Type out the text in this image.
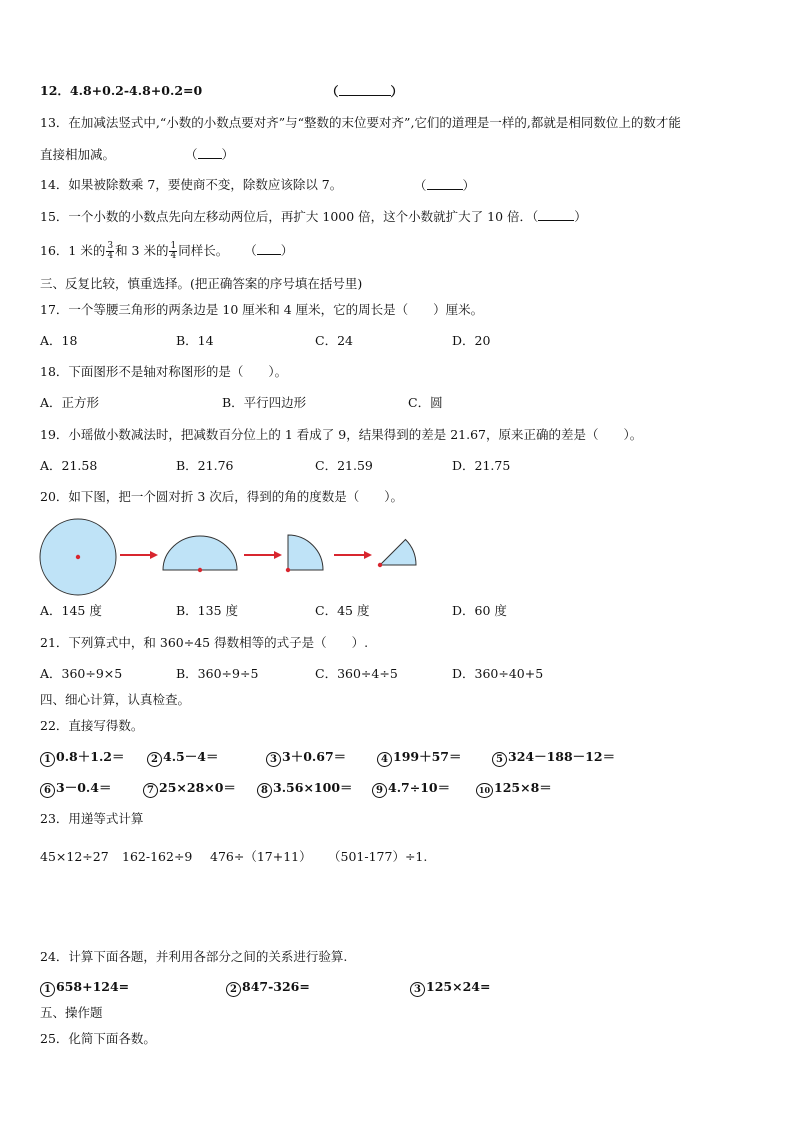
12．4.8+0.2-4.8+0.2=0	（	）
13．在加减法竖式中,“小数的小数点要对齐”与“整数的末位要对齐”,它们的道理是一样的,都就是相同数位上的数才能
直接相加减。	（ ）
14．如果被除数乘 7，要使商不变，除数应该除以 7。	（	）
15．一个小数的小数点先向左移动两位后，再扩大 1000 倍，这个小数就扩大了 10 倍．（	）
16．1 米的 $\frac{3}{4}$ 和 3 米的 $\frac{1}{4}$ 同样长。 （ ）
三、反复比较，慎重选择。(把正确答案的序号填在括号里)
17．一个等腰三角形的两条边是 10 厘米和 4 厘米，它的周长是（　　）厘米。
A．18	B．14	C．24	D．20
18．下面图形不是轴对称图形的是（　　）。
A．正方形	B．平行四边形	C．圆
19．小瑶做小数减法时，把减数百分位上的 1 看成了 9，结果得到的差是 21.67，原来正确的差是（　　）。
A．21.58	B．21.76	C．21.59	D．21.75
20．如下图，把一个圆对折 3 次后，得到的角的度数是（　　）。
A．145 度	B．135 度	C．45 度	D．60 度
21．下列算式中，和 360÷45 得数相等的式子是（　　）.
A．360÷9×5	B．360÷9÷5	C．360÷4÷5	D．360÷40+5
四、细心计算，认真检查。
22．直接写得数。
1 0.8＋1.2＝	2 4.5－4＝	3 3＋0.67＝	4 199＋57＝	5 324－188－12＝
6 3－0.4＝	7 25×28×0＝	8 3.56×100＝	9 4.7÷10＝	10 125×8＝
23．用递等式计算
45×12÷27 162-162÷9 476÷（17+11） （501-177）÷1.
24．计算下面各题，并利用各部分之间的关系进行验算.
1 658+124=	2 847-326=	3 125×24=
五、操作题
25．化简下面各数。
